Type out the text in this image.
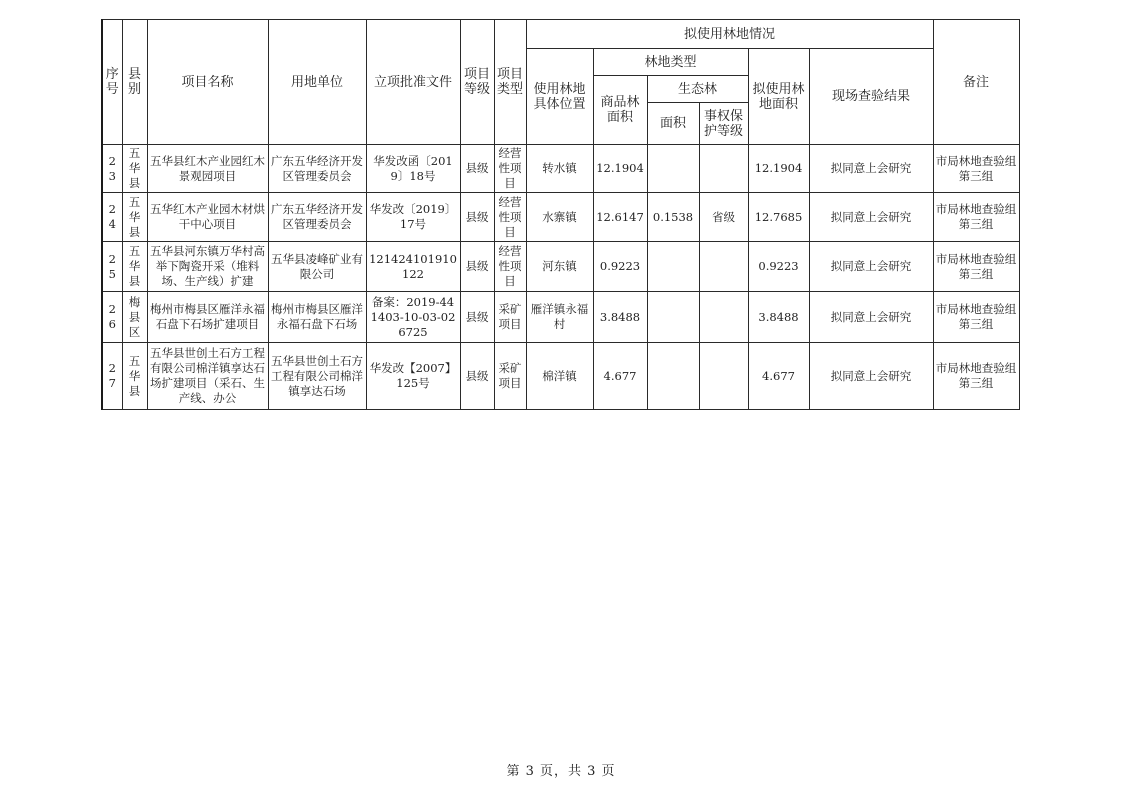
序号	县别	项目名称	用地单位	立项批准文件	项目等级	项目类型	拟使用林地情况						备注
							使用林地具体位置	林地类型			拟使用林地面积	现场查验结果	
								商品林面积	生态林				
									面积	事权保护等级			
23	五华县	五华县红木产业园红木景观园项目	广东五华经济开发区管理委员会	华发改函〔2019〕18号	县级	经营性项目	转水镇	12.1904			12.1904	拟同意上会研究	市局林地查验组第三组
24	五华县	五华红木产业园木材烘干中心项目	广东五华经济开发区管理委员会	华发改〔2019〕17号	县级	经营性项目	水寨镇	12.6147	0.1538	省级	12.7685	拟同意上会研究	市局林地查验组第三组
25	五华县	五华县河东镇万华村高举下陶瓷开采（堆料场、生产线）扩建	五华县凌峰矿业有限公司	121424101910122	县级	经营性项目	河东镇	0.9223			0.9223	拟同意上会研究	市局林地查验组第三组
26	梅县区	梅州市梅县区雁洋永福石盘下石场扩建项目	梅州市梅县区雁洋永福石盘下石场	备案：2019-441403-10-03-026725	县级	采矿项目	雁洋镇永福村	3.8488			3.8488	拟同意上会研究	市局林地查验组第三组
27	五华县	五华县世创土石方工程有限公司棉洋镇享达石场扩建项目（采石、生产线、办公	五华县世创土石方工程有限公司棉洋镇享达石场	华发改【2007】125号	县级	采矿项目	棉洋镇	4.677			4.677	拟同意上会研究	市局林地查验组第三组
第 3 页，共 3 页
